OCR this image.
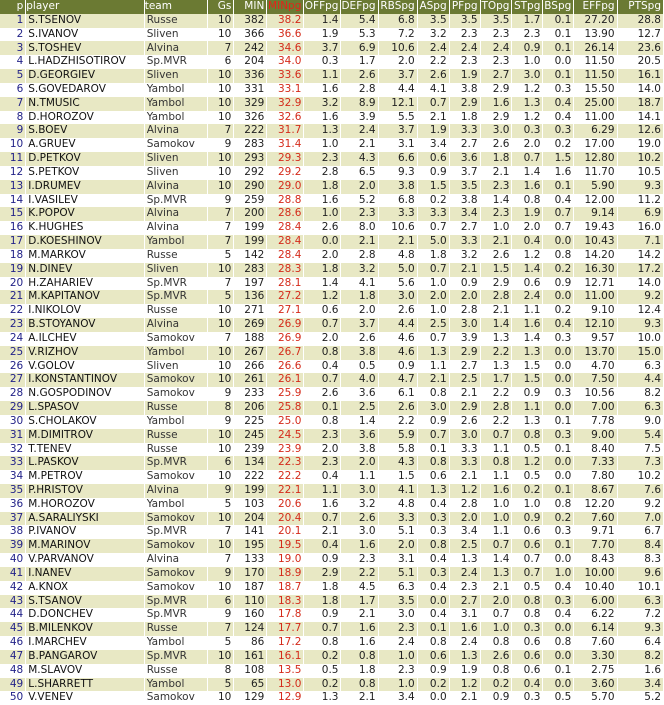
p	player	team	Gs	MIN	MINpg	OFFpg	DEFpg	RBSpg	ASpg	PFpg	TOpg	STpg	BSpg	EFFpg	PTSpg
1	S.TSENOV	Russe	10	382	38.2	1.4	5.4	6.8	3.5	3.5	3.5	1.7	0.1	27.20	28.8
2	S.IVANOV	Sliven	10	366	36.6	1.9	5.3	7.2	3.2	2.3	2.3	2.3	0.1	13.90	12.7
3	S.TOSHEV	Alvina	7	242	34.6	3.7	6.9	10.6	2.4	2.4	2.4	0.9	0.1	26.14	23.6
4	L.HADZHISOTIROV	Sp.MVR	6	204	34.0	0.3	1.7	2.0	2.2	2.3	2.3	1.0	0.0	11.50	20.5
5	D.GEORGIEV	Sliven	10	336	33.6	1.1	2.6	3.7	2.6	1.9	2.7	3.0	0.1	11.50	16.1
6	S.GOVEDAROV	Yambol	10	331	33.1	1.6	2.8	4.4	4.1	3.8	2.9	1.2	0.3	15.50	14.0
7	N.TMUSIC	Yambol	10	329	32.9	3.2	8.9	12.1	0.7	2.9	1.6	1.3	0.4	25.00	18.7
8	D.HOROZOV	Yambol	10	326	32.6	1.6	3.9	5.5	2.1	1.8	2.9	1.2	0.4	11.00	14.1
9	S.BOEV	Alvina	7	222	31.7	1.3	2.4	3.7	1.9	3.3	3.0	0.3	0.3	6.29	12.6
10	A.GRUEV	Samokov	9	283	31.4	1.0	2.1	3.1	3.4	2.7	2.6	2.0	0.2	17.00	19.0
11	D.PETKOV	Sliven	10	293	29.3	2.3	4.3	6.6	0.6	3.6	1.8	0.7	1.5	12.80	10.2
12	S.PETKOV	Sliven	10	292	29.2	2.8	6.5	9.3	0.9	3.7	2.1	1.4	1.6	11.70	10.5
13	I.DRUMEV	Alvina	10	290	29.0	1.8	2.0	3.8	1.5	3.5	2.3	1.6	0.1	5.90	9.3
14	I.VASILEV	Sp.MVR	9	259	28.8	1.6	5.2	6.8	0.2	3.8	1.4	0.8	0.4	12.00	11.2
15	K.POPOV	Alvina	7	200	28.6	1.0	2.3	3.3	3.3	3.4	2.3	1.9	0.7	9.14	6.9
16	K.HUGHES	Alvina	7	199	28.4	2.6	8.0	10.6	0.7	2.7	1.0	2.0	0.7	19.43	16.0
17	D.KOESHINOV	Yambol	7	199	28.4	0.0	2.1	2.1	5.0	3.3	2.1	0.4	0.0	10.43	7.1
18	M.MARKOV	Russe	5	142	28.4	2.0	2.8	4.8	1.8	3.2	2.6	1.2	0.8	14.20	14.2
19	N.DINEV	Sliven	10	283	28.3	1.8	3.2	5.0	0.7	2.1	1.5	1.4	0.2	16.30	17.2
20	H.ZAHARIEV	Sp.MVR	7	197	28.1	1.4	4.1	5.6	1.0	0.9	2.9	0.6	0.9	12.71	14.0
21	M.KAPITANOV	Sp.MVR	5	136	27.2	1.2	1.8	3.0	2.0	2.0	2.8	2.4	0.0	11.00	9.2
22	I.NIKOLOV	Russe	10	271	27.1	0.6	2.0	2.6	1.0	2.8	2.1	1.1	0.2	9.10	12.4
23	B.STOYANOV	Alvina	10	269	26.9	0.7	3.7	4.4	2.5	3.0	1.4	1.6	0.4	12.10	9.3
24	A.ILCHEV	Samokov	7	188	26.9	2.0	2.6	4.6	0.7	3.9	1.3	1.4	0.3	9.57	10.0
25	V.RIZHOV	Yambol	10	267	26.7	0.8	3.8	4.6	1.3	2.9	2.2	1.3	0.0	13.70	15.0
26	V.GOLOV	Sliven	10	266	26.6	0.4	0.5	0.9	1.1	2.7	1.3	1.5	0.0	4.70	6.3
27	I.KONSTANTINOV	Samokov	10	261	26.1	0.7	4.0	4.7	2.1	2.5	1.7	1.5	0.0	7.50	4.4
28	N.GOSPODINOV	Samokov	9	233	25.9	2.6	3.6	6.1	0.8	2.1	2.2	0.9	0.3	10.56	8.2
29	L.SPASOV	Russe	8	206	25.8	0.1	2.5	2.6	3.0	2.9	2.8	1.1	0.0	7.00	6.3
30	S.CHOLAKOV	Yambol	9	225	25.0	0.8	1.4	2.2	0.9	2.6	2.2	1.3	0.1	7.78	9.0
31	M.DIMITROV	Russe	10	245	24.5	2.3	3.6	5.9	0.7	3.0	0.7	0.8	0.3	9.00	5.4
32	T.TENEV	Russe	10	239	23.9	2.0	3.8	5.8	0.1	3.3	1.1	0.5	0.1	8.40	7.5
33	L.PASKOV	Sp.MVR	6	134	22.3	2.3	2.0	4.3	0.8	3.3	0.8	1.2	0.0	7.33	7.3
34	M.PETROV	Samokov	10	222	22.2	0.4	1.1	1.5	0.6	2.1	1.1	0.5	0.0	7.80	10.2
35	P.HRISTOV	Alvina	9	199	22.1	1.1	3.0	4.1	1.3	1.2	1.6	0.2	0.1	8.67	7.6
36	M.HOROZOV	Yambol	5	103	20.6	1.6	3.2	4.8	0.4	2.8	1.0	1.0	0.8	12.20	9.2
37	A.SARALIYSKI	Samokov	10	204	20.4	0.7	2.6	3.3	0.3	2.0	1.0	0.9	0.2	7.60	7.0
38	P.IVANOV	Sp.MVR	7	141	20.1	2.1	3.0	5.1	0.3	3.4	1.1	0.6	0.3	9.71	6.7
39	M.MARINOV	Samokov	10	195	19.5	0.4	1.6	2.0	0.8	2.5	0.7	0.6	0.1	7.70	8.4
40	V.PARVANOV	Alvina	7	133	19.0	0.9	2.3	3.1	0.4	1.3	1.4	0.7	0.0	8.43	8.3
41	I.NANEV	Samokov	9	170	18.9	2.9	2.2	5.1	0.3	2.4	1.3	0.7	1.0	10.00	9.6
42	A.KNOX	Samokov	10	187	18.7	1.8	4.5	6.3	0.4	2.3	2.1	0.5	0.4	10.40	10.1
43	S.TSANOV	Sp.MVR	6	110	18.3	1.8	1.7	3.5	0.0	2.7	2.0	0.8	0.3	6.00	6.3
44	D.DONCHEV	Sp.MVR	9	160	17.8	0.9	2.1	3.0	0.4	3.1	0.7	0.8	0.4	6.22	7.2
45	B.MILENKOV	Russe	7	124	17.7	0.7	1.6	2.3	0.1	1.6	1.0	0.3	0.0	6.14	9.3
46	I.MARCHEV	Yambol	5	86	17.2	0.8	1.6	2.4	0.8	2.4	0.8	0.6	0.8	7.60	6.4
47	B.PANGAROV	Sp.MVR	10	161	16.1	0.2	0.8	1.0	0.6	1.3	2.6	0.6	0.0	3.30	8.2
48	M.SLAVOV	Russe	8	108	13.5	0.5	1.8	2.3	0.9	1.9	0.8	0.6	0.1	2.75	1.6
49	L.SHARRETT	Yambol	5	65	13.0	0.2	0.8	1.0	0.2	1.2	0.2	0.4	0.0	3.60	3.4
50	V.VENEV	Samokov	10	129	12.9	1.3	2.1	3.4	0.0	2.1	0.9	0.3	0.5	5.70	5.2
